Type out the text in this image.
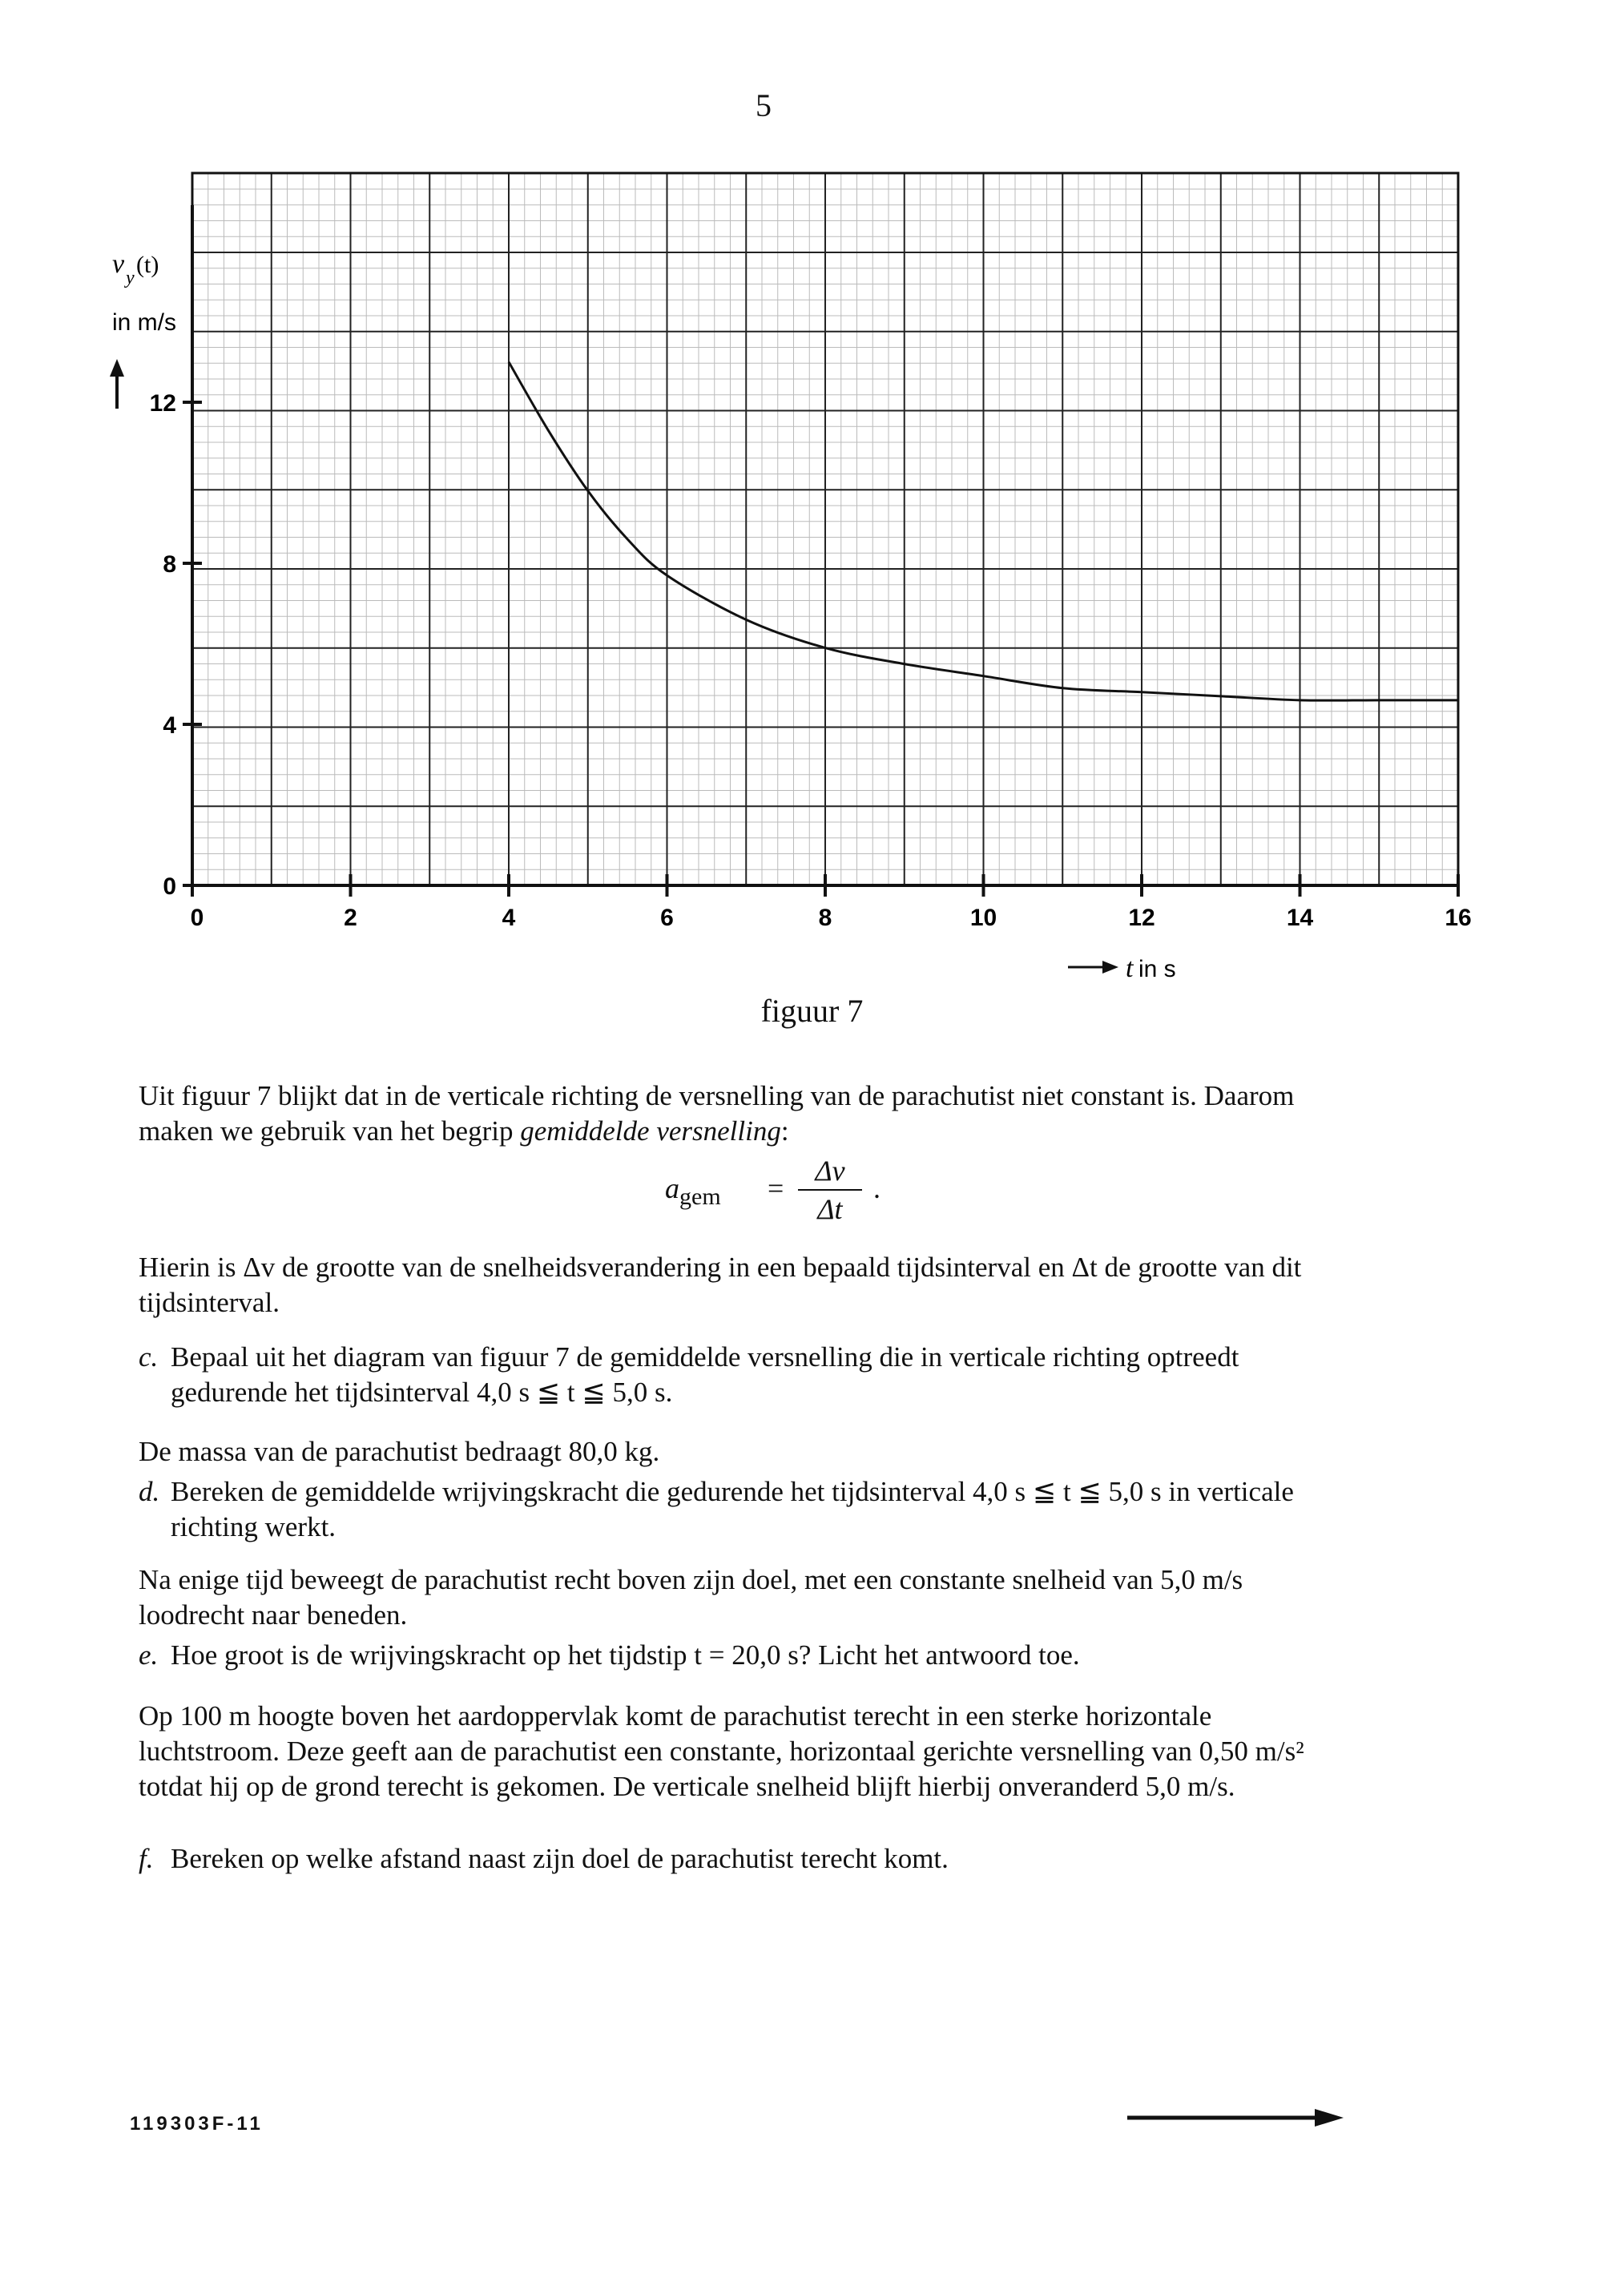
5
0	2	4	6	8	10	12	14	16
0
4
8
12
v y (t)
in m/s
t in s
figuur 7
Uit figuur 7 blijkt dat in de verticale richting de versnelling van de parachutist niet constant is. Daarom maken we gebruik van het begrip gemiddelde versnelling:
$a_{gem}$ =
Δv
Δt
.
Hierin is Δv de grootte van de snelheidsverandering in een bepaald tijdsinterval en Δt de grootte van dit tijdsinterval.
c. Bepaal uit het diagram van figuur 7 de gemiddelde versnelling die in verticale richting optreedt gedurende het tijdsinterval 4,0 s ≦ t ≦ 5,0 s.
De massa van de parachutist bedraagt 80,0 kg.
d. Bereken de gemiddelde wrijvingskracht die gedurende het tijdsinterval 4,0 s ≦ t ≦ 5,0 s in verticale richting werkt.
Na enige tijd beweegt de parachutist recht boven zijn doel, met een constante snelheid van 5,0 m/s loodrecht naar beneden.
e. Hoe groot is de wrijvingskracht op het tijdstip t = 20,0 s? Licht het antwoord toe.
Op 100 m hoogte boven het aardoppervlak komt de parachutist terecht in een sterke horizontale luchtstroom. Deze geeft aan de parachutist een constante, horizontaal gerichte versnelling van 0,50 m/s² totdat hij op de grond terecht is gekomen. De verticale snelheid blijft hierbij onveranderd 5,0 m/s.
f. Bereken op welke afstand naast zijn doel de parachutist terecht komt.
119303F-11
